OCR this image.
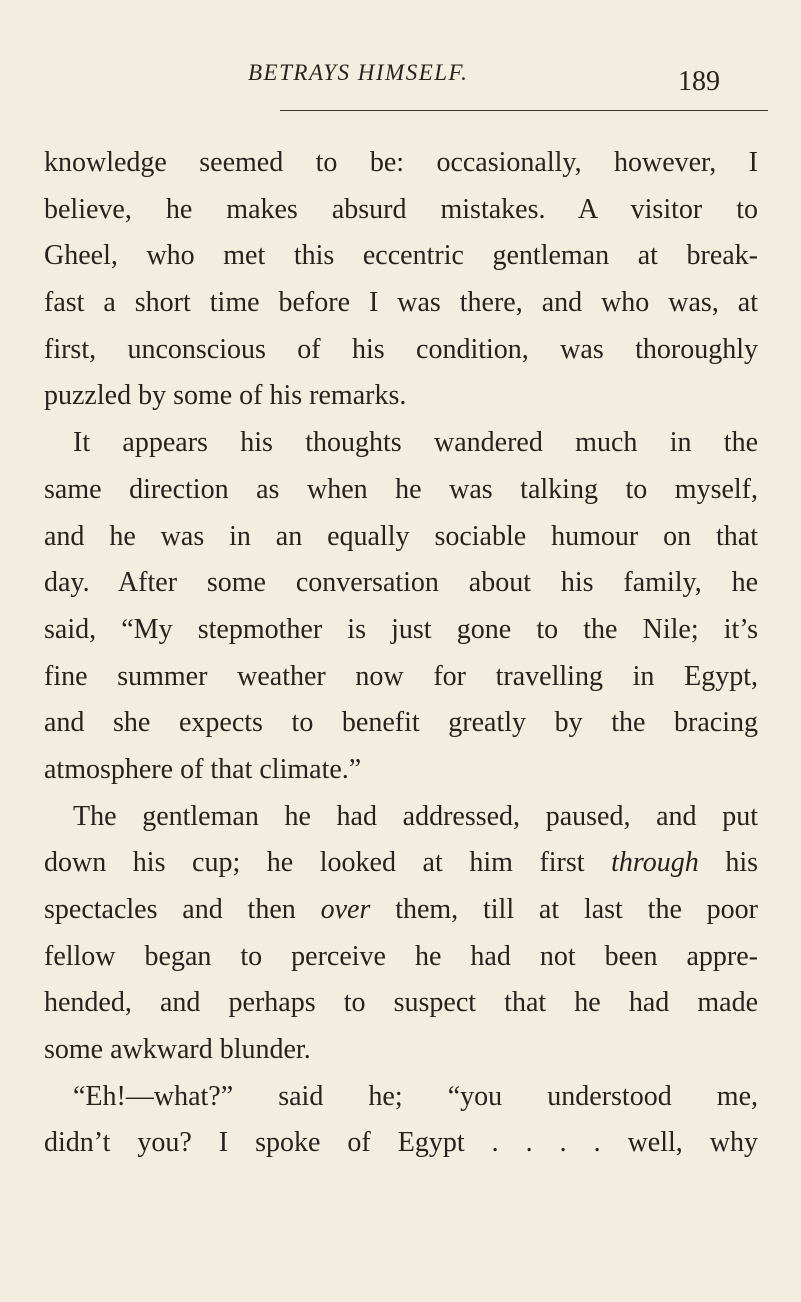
BETRAYS HIMSELF.	189
knowledge seemed to be: occasionally, however, I
believe, he makes absurd mistakes. A visitor to
Gheel, who met this eccentric gentleman at break-
fast a short time before I was there, and who was, at
first, unconscious of his condition, was thoroughly
puzzled by some of his remarks.
It appears his thoughts wandered much in the
same direction as when he was talking to myself,
and he was in an equally sociable humour on that
day. After some conversation about his family, he
said, “My stepmother is just gone to the Nile; it’s
fine summer weather now for travelling in Egypt,
and she expects to benefit greatly by the bracing
atmosphere of that climate.”
The gentleman he had addressed, paused, and put
down his cup; he looked at him first through his
spectacles and then over them, till at last the poor
fellow began to perceive he had not been appre-
hended, and perhaps to suspect that he had made
some awkward blunder.
“Eh!—what?” said he; “you understood me,
didn’t you? I spoke of Egypt . . . . well, why
